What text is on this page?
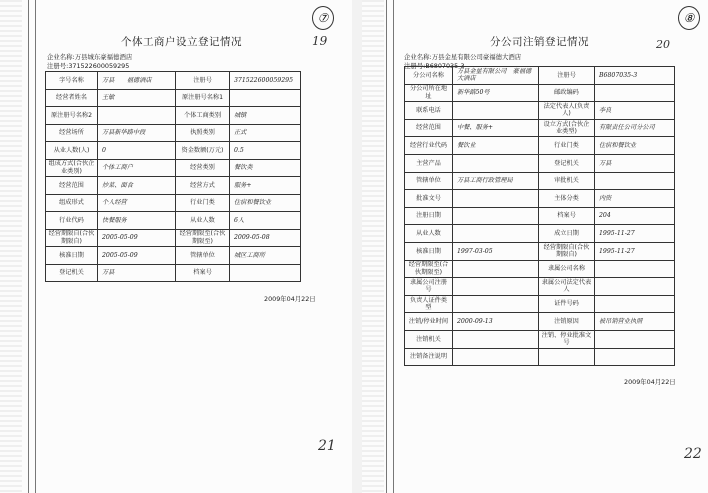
⑦
19
个体工商户设立登记情况
企业名称:万县城东豪福德酒店
注册号:371522600059295
字号名称	万县　　福德酒店	注册号	371522600059295
经营者姓名	王敏	原注册号名称1	
原注册号名称2		个体工商类别	城镇
经营场所	万县新华路中段	执照类别	正式
从业人数(人)	0	资金数额(万元)	0.5
组成方式(合伙企业类别)	个体工商户	经营类别	餐饮类
经营范围	炒菜、面食	经营方式	服务+
组成形式	个人经营	行业门类	住宿和餐饮业
行业代码	快餐服务	从业人数	6人
经营期限自(合伙期限自)	2005-05-09	经营期限至(合伙期限至)	2009-05-08
核准日期	2005-05-09	管辖单位	城区工商所
登记机关	万县	档案号	
2009年04月22日
21
⑧
20
分公司注销登记情况
企业名称:万县金星有限公司豪福德大酒店
注册号:B6807035-3
分公司名称	万县金星有限公司　豪福德大酒店	注册号	B6807035-3
分公司所在地址	新华路50号	邮政编码	
联系电话		法定代表人(负责人)	李良
经营范围	中餐、服务+	设立方式(合伙企业类型)	有限责任公司分公司
经营行业代码	餐饮业	行业门类	住宿和餐饮业
主营产品		登记机关	万县
管辖单位	万县工商行政管理局	审批机关	
批准文号		主体分类	内资
注册日期		档案号	204
从业人数		成立日期	1995-11-27
核准日期	1997-03-05	经营期限自(合伙期限自)	1995-11-27
经营期限至(合伙期限至)		隶属公司名称	
隶属公司注册号		隶属公司法定代表人	
负责人证件类型		证件号码	
注销/停业时间	2000-09-13	注销原因	被吊销营业执照
注销机关		注销、停业批准文号	
注销备注说明			
2009年04月22日
22
